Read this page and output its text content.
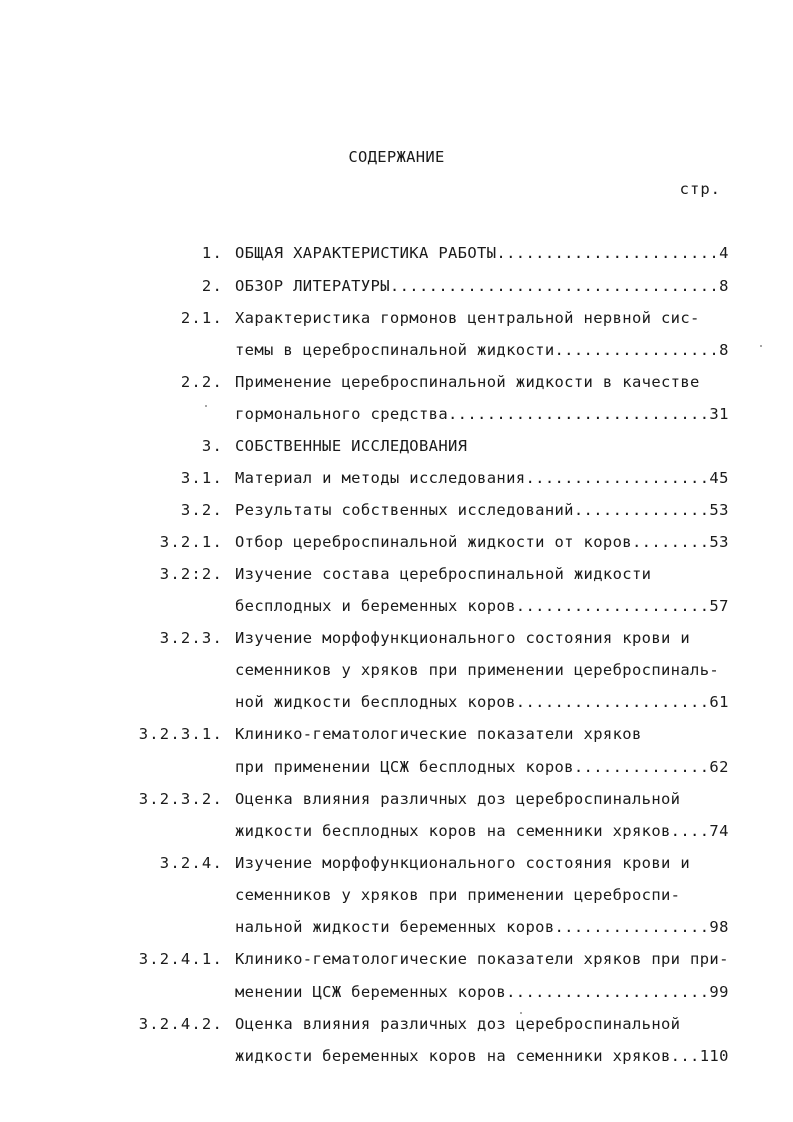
СОДЕРЖАНИЕ
стр.
1. ОБЩАЯ ХАРАКТЕРИСТИКА РАБОТЫ.......................4
2. ОБЗОР ЛИТЕРАТУРЫ..................................8
2.1. Характеристика гормонов центральной нервной сис-
темы в цереброспинальной жидкости.................8
2.2. Применение цереброспинальной жидкости в качестве
гормонального средства...........................31
3. СОБСТВЕННЫЕ ИССЛЕДОВАНИЯ
3.1. Материал и методы исследования...................45
3.2. Результаты собственных исследований..............53
3.2.1. Отбор цереброспинальной жидкости от коров........53
3.2:2. Изучение состава цереброспинальной жидкости
бесплодных и беременных коров....................57
3.2.3. Изучение морфофункционального состояния крови и
семенников у хряков при применении цереброспиналь-
ной жидкости бесплодных коров....................61
3.2.3.1. Клинико-гематологические показатели хряков
при применении ЦСЖ бесплодных коров..............62
3.2.3.2. Оценка влияния различных доз цереброспинальной
жидкости бесплодных коров на семенники хряков....74
3.2.4. Изучение морфофункционального состояния крови и
семенников у хряков при применении цереброспи-
нальной жидкости беременных коров................98
3.2.4.1. Клинико-гематологические показатели хряков при при-
менении ЦСЖ беременных коров.....................99
3.2.4.2. Оценка влияния различных доз цереброспинальной
жидкости беременных коров на семенники хряков...110
